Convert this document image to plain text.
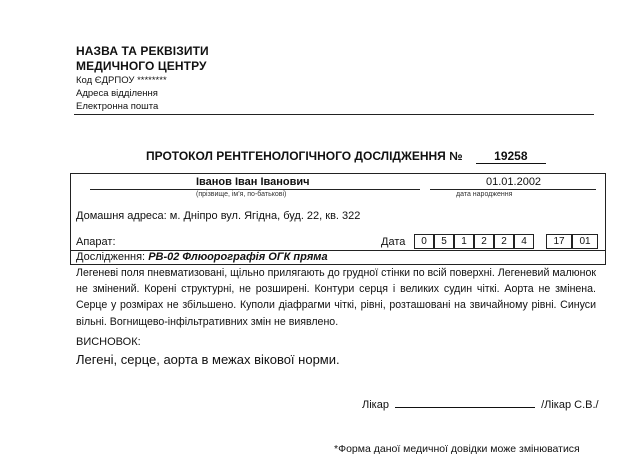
НАЗВА ТА РЕКВІЗИТИ
МЕДИЧНОГО ЦЕНТРУ
Код ЄДРПОУ ********
Адреса відділення
Електронна пошта
ПРОТОКОЛ РЕНТГЕНОЛОГІЧНОГО ДОСЛІДЖЕННЯ №	19258
Іванов Іван Іванович
(прізвище, ім'я, по-батькові)
01.01.2002
дата народження
Домашня адреса: м. Дніпро вул. Ягідна, буд. 22, кв. 322
Апарат:	Дата	0	5	1	2	2	4	17	01
Дослідження: РВ-02 Флюорографія ОГК пряма
Легеневі поля пневматизовані, щільно прилягають до грудної стінки по всій поверхні. Легеневий малюнок не змінений. Корені структурні, не розширені. Контури серця і великих судин чіткі. Аорта не змінена. Серце у розмірах не збільшено. Куполи діафрагми чіткі, рівні, розташовані на звичайному рівні. Синуси вільні. Вогнищево-інфільтративних змін не виявлено.
ВИСНОВОК:
Легені, серце, аорта в межах вікової норми.
Лікар	/Лікар С.В./
*Форма даної медичної довідки може змінюватися
